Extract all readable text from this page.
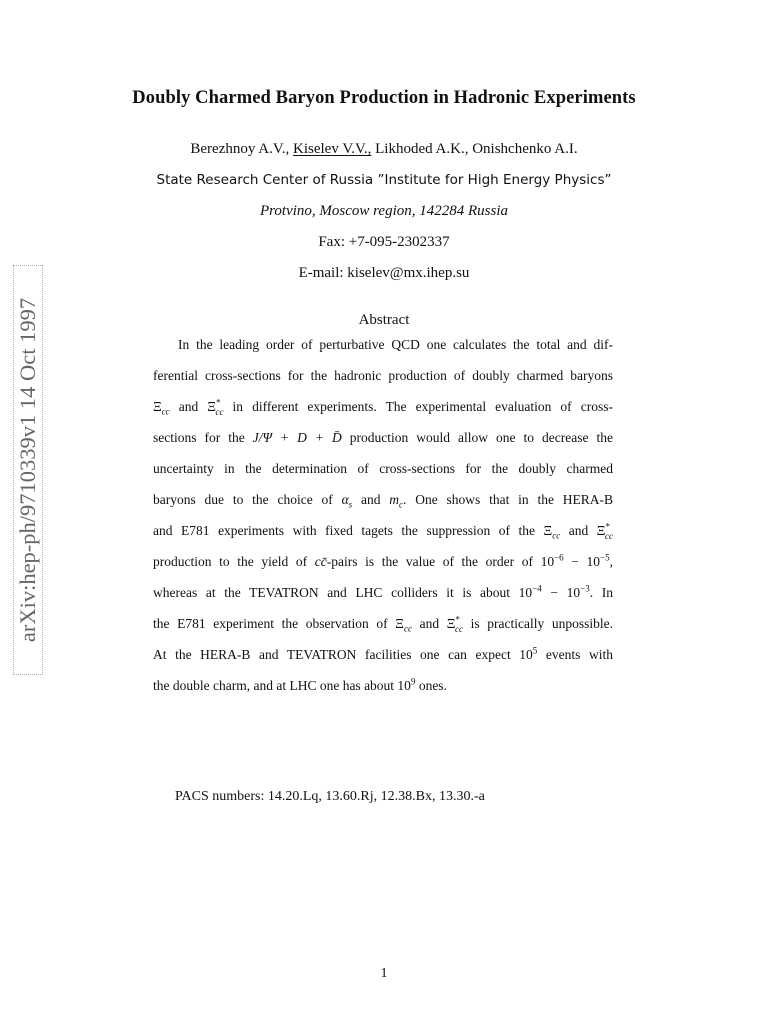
Doubly Charmed Baryon Production in Hadronic Experiments
Berezhnoy A.V., Kiselev V.V., Likhoded A.K., Onishchenko A.I.
State Research Center of Russia ”Institute for High Energy Physics”
Protvino, Moscow region, 142284 Russia
Fax: +7-095-2302337
E-mail: kiselev@mx.ihep.su
Abstract
In the leading order of perturbative QCD one calculates the total and dif-
ferential cross-sections for the hadronic production of doubly charmed baryons
$\Xi_{cc}$ and $\Xi^*_{cc}$ in different experiments. The experimental evaluation of cross-
sections for the J/Ψ + D + D̄ production would allow one to decrease the
uncertainty in the determination of cross-sections for the doubly charmed
baryons due to the choice of $\alpha_s$ and $m_c$. One shows that in the HERA-B
and E781 experiments with fixed tagets the suppression of the $\Xi_{cc}$ and $\Xi^*_{cc}$
production to the yield of cc̄-pairs is the value of the order of $10^{-6} - 10^{-5}$,
whereas at the TEVATRON and LHC colliders it is about $10^{-4} - 10^{-3}$. In
the E781 experiment the observation of $\Xi_{cc}$ and $\Xi^*_{cc}$ is practically unpossible.
At the HERA-B and TEVATRON facilities one can expect $10^5$ events with
the double charm, and at LHC one has about $10^9$ ones.
PACS numbers: 14.20.Lq, 13.60.Rj, 12.38.Bx, 13.30.-a
1
arXiv:hep-ph/9710339v1 14 Oct 1997
